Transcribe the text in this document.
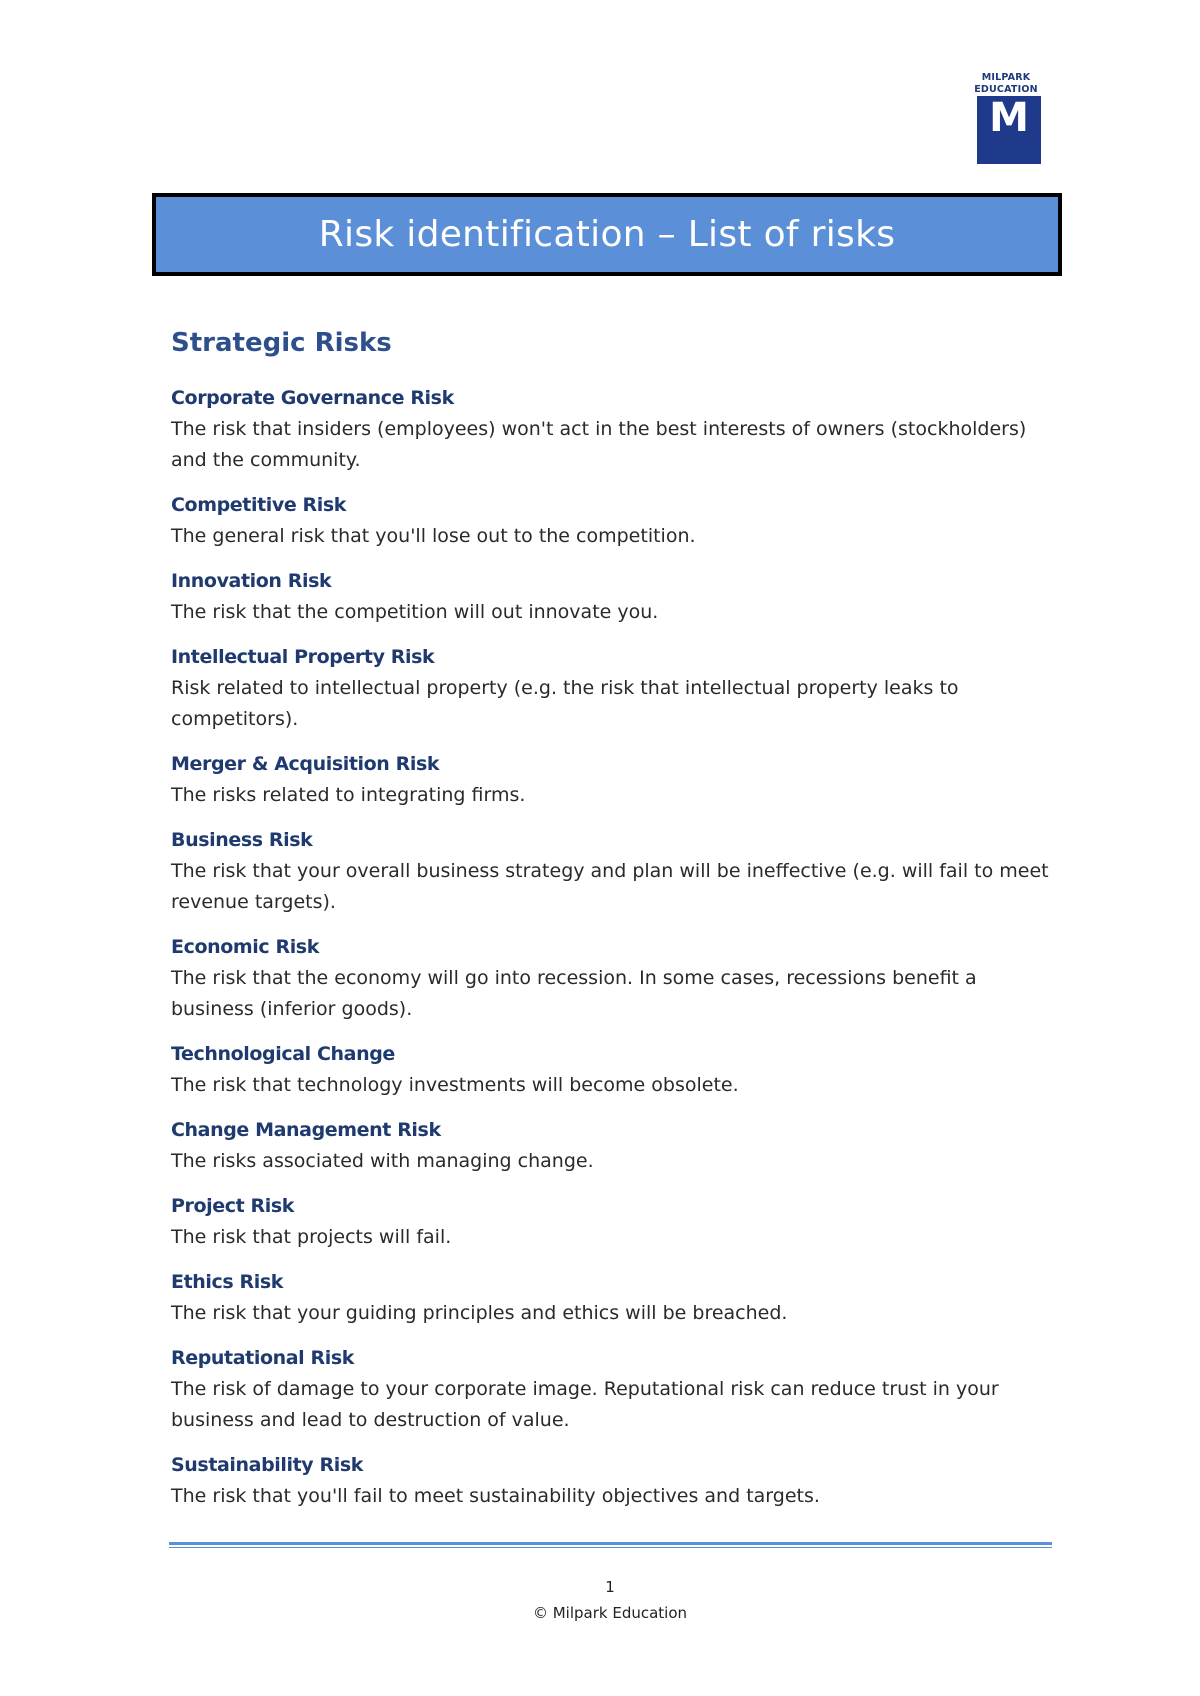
MILPARK
EDUCATION
M
Risk identification – List of risks
Strategic Risks
Corporate Governance Risk
The risk that insiders (employees) won't act in the best interests of owners (stockholders) and the community.
Competitive Risk
The general risk that you'll lose out to the competition.
Innovation Risk
The risk that the competition will out innovate you.
Intellectual Property Risk
Risk related to intellectual property (e.g. the risk that intellectual property leaks to competitors).
Merger & Acquisition Risk
The risks related to integrating firms.
Business Risk
The risk that your overall business strategy and plan will be ineffective (e.g. will fail to meet revenue targets).
Economic Risk
The risk that the economy will go into recession. In some cases, recessions benefit a business (inferior goods).
Technological Change
The risk that technology investments will become obsolete.
Change Management Risk
The risks associated with managing change.
Project Risk
The risk that projects will fail.
Ethics Risk
The risk that your guiding principles and ethics will be breached.
Reputational Risk
The risk of damage to your corporate image. Reputational risk can reduce trust in your business and lead to destruction of value.
Sustainability Risk
The risk that you'll fail to meet sustainability objectives and targets.
1
© Milpark Education
